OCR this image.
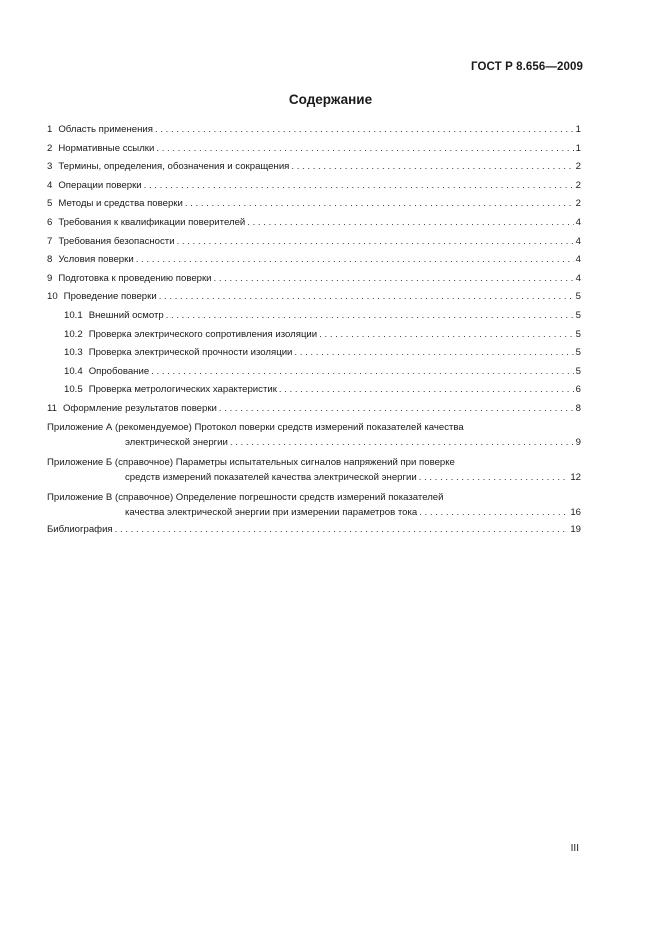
ГОСТ Р 8.656—2009
Содержание
1 Область применения . . .	1
2 Нормативные ссылки . . .	1
3 Термины, определения, обозначения и сокращения . . .	2
4 Операции поверки . . .	2
5 Методы и средства поверки . . .	2
6 Требования к квалификации поверителей . . .	4
7 Требования безопасности . . .	4
8 Условия поверки . . .	4
9 Подготовка к проведению поверки . . .	4
10 Проведение поверки . . .	5
10.1 Внешний осмотр . . .	5
10.2 Проверка электрического сопротивления изоляции . . .	5
10.3 Проверка электрической прочности изоляции . . .	5
10.4 Опробование . . .	5
10.5 Проверка метрологических характеристик . . .	6
11 Оформление результатов поверки . . .	8
Приложение А (рекомендуемое) Протокол поверки средств измерений показателей качества
электрической энергии . . .	9
Приложение Б (справочное) Параметры испытательных сигналов напряжений при поверке
средств измерений показателей качества электрической энергии . . .	12
Приложение В (справочное) Определение погрешности средств измерений показателей
качества электрической энергии при измерении параметров тока . . .	16
Библиография . . .	19
III
